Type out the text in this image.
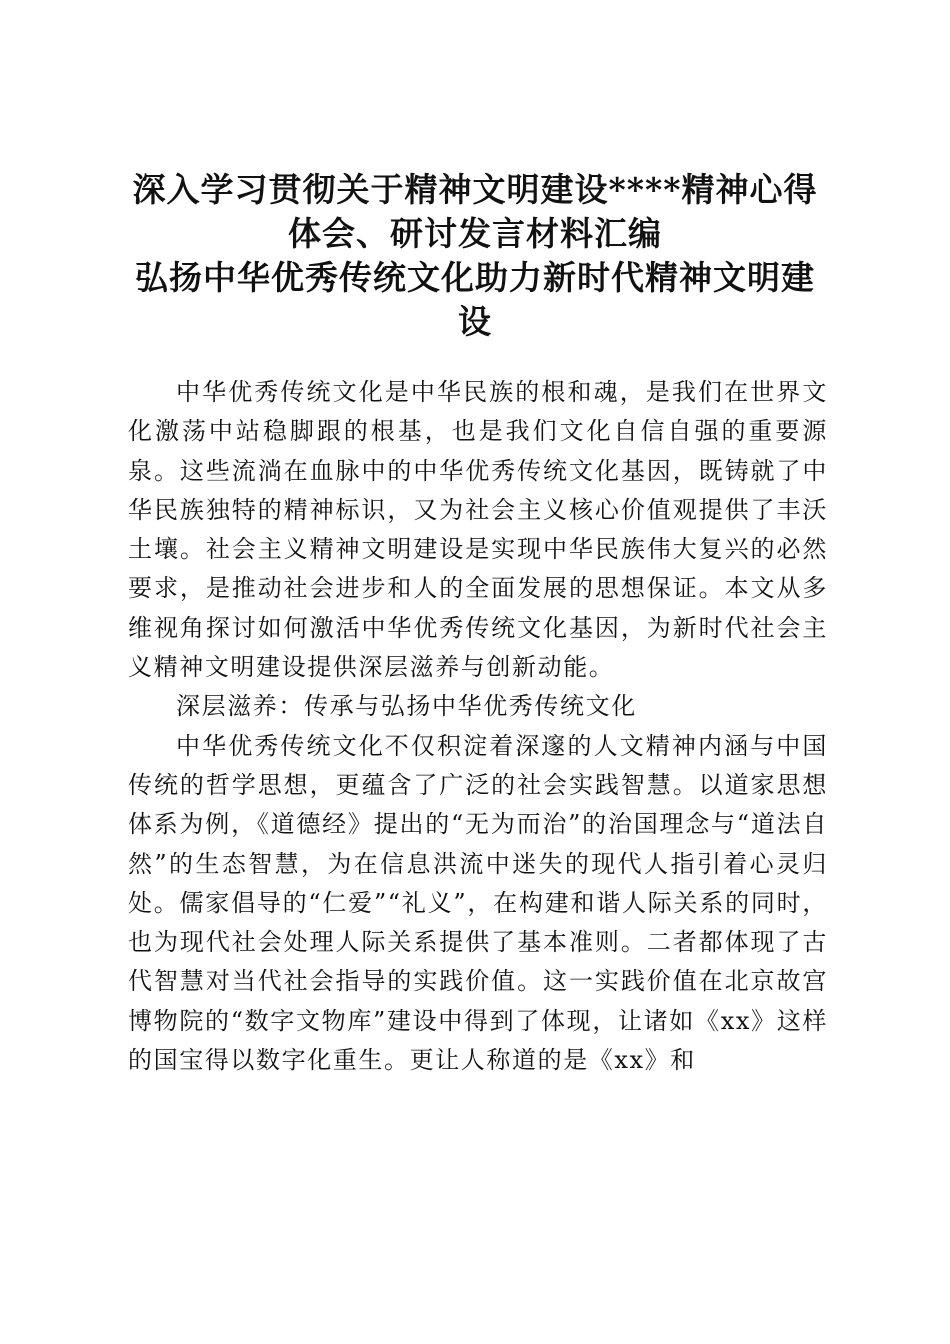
深入学习贯彻关于精神文明建设****精神心得
体会、研讨发言材料汇编
弘扬中华优秀传统文化助力新时代精神文明建
设

中华优秀传统文化是中华民族的根和魂，是我们在世界文化激荡中站稳脚跟的根基，也是我们文化自信自强的重要源泉。这些流淌在血脉中的中华优秀传统文化基因，既铸就了中华民族独特的精神标识，又为社会主义核心价值观提供了丰沃土壤。社会主义精神文明建设是实现中华民族伟大复兴的必然要求，是推动社会进步和人的全面发展的思想保证。本文从多维视角探讨如何激活中华优秀传统文化基因，为新时代社会主义精神文明建设提供深层滋养与创新动能。

深层滋养：传承与弘扬中华优秀传统文化

中华优秀传统文化不仅积淀着深邃的人文精神内涵与中国传统的哲学思想，更蕴含了广泛的社会实践智慧。以道家思想体系为例，《道德经》提出的“无为而治”的治国理念与“道法自然”的生态智慧，为在信息洪流中迷失的现代人指引着心灵归处。儒家倡导的“仁爱”“礼义”，在构建和谐人际关系的同时，也为现代社会处理人际关系提供了基本准则。二者都体现了古代智慧对当代社会指导的实践价值。这一实践价值在北京故宫博物院的“数字文物库”建设中得到了体现，让诸如《xx》这样的国宝得以数字化重生。更让人称道的是《xx》和
